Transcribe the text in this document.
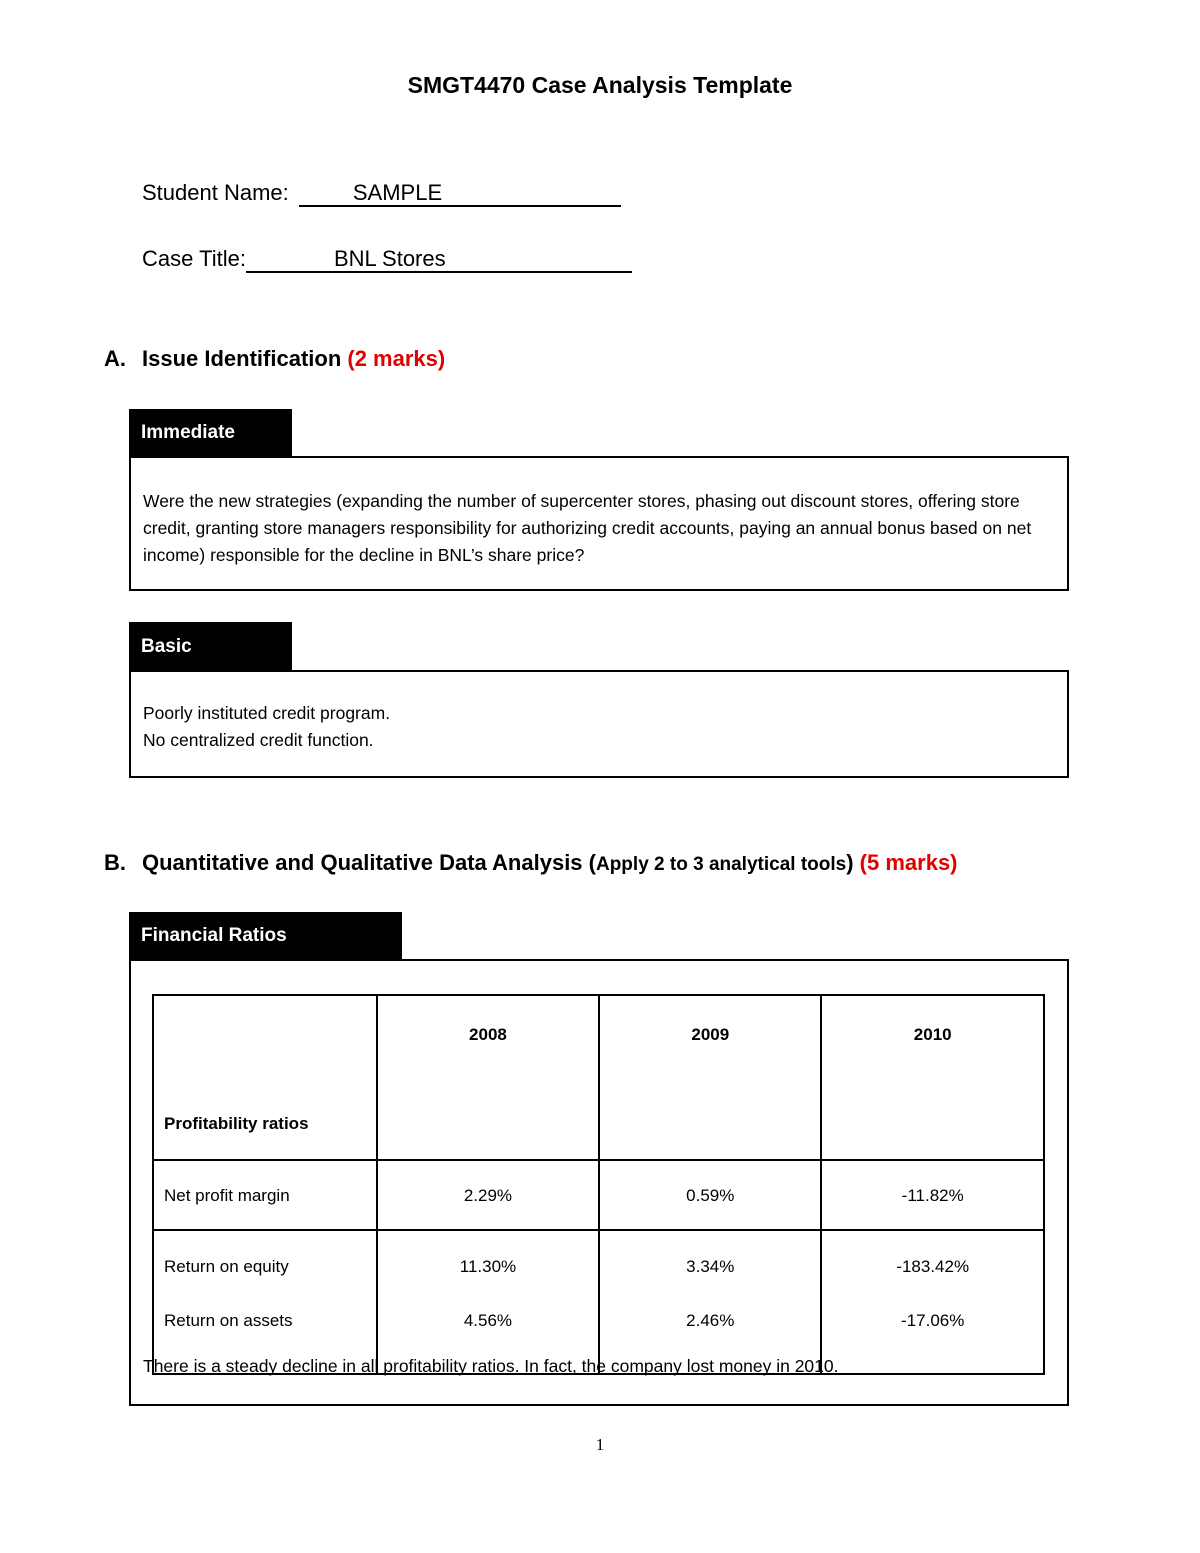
SMGT4470 Case Analysis Template
Student Name:	SAMPLE
Case Title:	BNL Stores
A. Issue Identification (2 marks)
Immediate
Were the new strategies (expanding the number of supercenter stores, phasing out discount stores, offering store credit, granting store managers responsibility for authorizing credit accounts, paying an annual bonus based on net income) responsible for the decline in BNL’s share price?
Basic
Poorly instituted credit program.
No centralized credit function.
B. Quantitative and Qualitative Data Analysis ( Apply 2 to 3 analytical tools ) (5 marks)
Financial Ratios
Profitability ratios	2008	2009	2010
Net profit margin	2.29%	0.59%	-11.82%
Return on equity	11.30%	3.34%	-183.42%
Return on assets	4.56%	2.46%	-17.06%
There is a steady decline in all profitability ratios. In fact, the company lost money in 2010.
1
